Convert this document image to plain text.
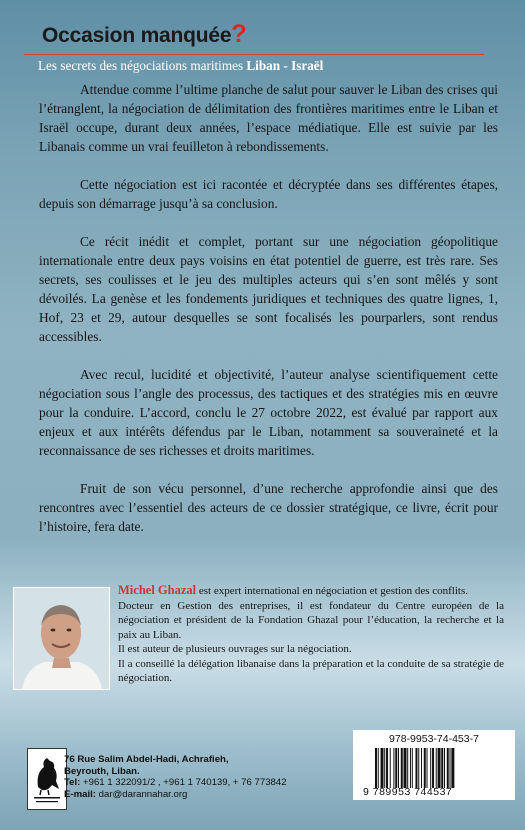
Occasion manquée?
Les secrets des négociations maritimes Liban - Israël

Attendue comme l’ultime planche de salut pour sauver le Liban des crises qui l’étranglent, la négociation de délimitation des frontières maritimes entre le Liban et Israël occupe, durant deux années, l’espace médiatique. Elle est suivie par les Libanais comme un vrai feuilleton à rebondissements.

Cette négociation est ici racontée et décryptée dans ses différentes étapes, depuis son démarrage jusqu’à sa conclusion.

Ce récit inédit et complet, portant sur une négociation géopolitique internationale entre deux pays voisins en état potentiel de guerre, est très rare. Ses secrets, ses coulisses et le jeu des multiples acteurs qui s’en sont mêlés y sont dévoilés. La genèse et les fondements juridiques et techniques des quatre lignes, 1, Hof, 23 et 29, autour desquelles se sont focalisés les pourparlers, sont rendus accessibles.

Avec recul, lucidité et objectivité, l’auteur analyse scientifiquement cette négociation sous l’angle des processus, des tactiques et des stratégies mis en œuvre pour la conduire. L’accord, conclu le 27 octobre 2022, est évalué par rapport aux enjeux et aux intérêts défendus par le Liban, notamment sa souveraineté et la reconnaissance de ses richesses et droits maritimes.

Fruit de son vécu personnel, d’une recherche approfondie ainsi que des rencontres avec l’essentiel des acteurs de ce dossier stratégique, ce livre, écrit pour l’histoire, fera date.

Michel Ghazal est expert international en négociation et gestion des conflits.

Docteur en Gestion des entreprises, il est fondateur du Centre européen de la négociation et président de la Fondation Ghazal pour l’éducation, la recherche et la paix au Liban.

Il est auteur de plusieurs ouvrages sur la négociation.

Il a conseillé la délégation libanaise dans la préparation et la conduite de sa stratégie de négociation.

76 Rue Salim Abdel-Hadi, Achrafieh,
Beyrouth, Liban.
Tel: +961 1 322091/2 , +961 1 740139, + 76 773842
E-mail: dar@darannahar.org
978-9953-74-453-7
9 789953 744537
